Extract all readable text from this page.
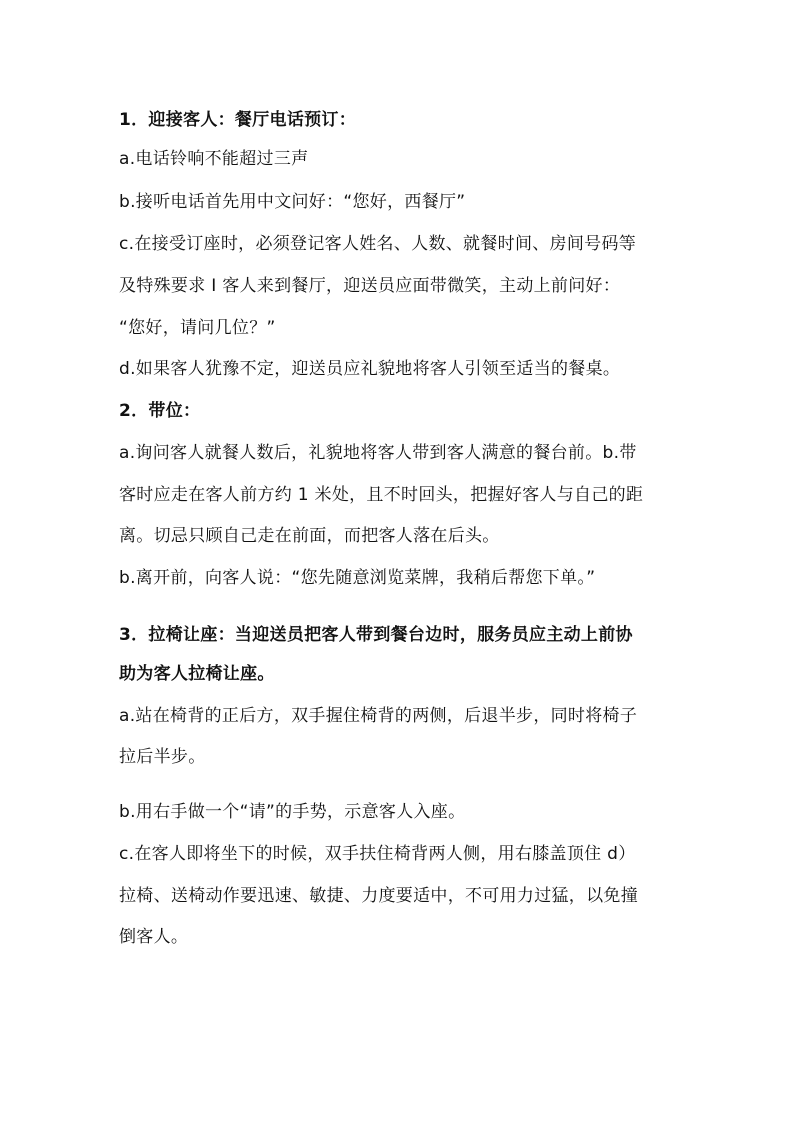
1．迎接客人：餐厅电话预订：
a.电话铃响不能超过三声
b.接听电话首先用中文问好：“您好，西餐厅”
c.在接受订座时，必须登记客人姓名、人数、就餐时间、房间号码等
及特殊要求 I 客人来到餐厅，迎送员应面带微笑，主动上前问好：
“您好，请问几位？”
d.如果客人犹豫不定，迎送员应礼貌地将客人引领至适当的餐桌。
2．带位：
a.询问客人就餐人数后，礼貌地将客人带到客人满意的餐台前。b.带
客时应走在客人前方约 1 米处，且不时回头，把握好客人与自己的距
离。切忌只顾自己走在前面，而把客人落在后头。
b.离开前，向客人说：“您先随意浏览菜牌，我稍后帮您下单。”
3．拉椅让座：当迎送员把客人带到餐台边时，服务员应主动上前协
助为客人拉椅让座。
a.站在椅背的正后方，双手握住椅背的两侧，后退半步，同时将椅子
拉后半步。
b.用右手做一个“请”的手势，示意客人入座。
c.在客人即将坐下的时候，双手扶住椅背两人侧，用右膝盖顶住 d）
拉椅、送椅动作要迅速、敏捷、力度要适中，不可用力过猛，以免撞
倒客人。
